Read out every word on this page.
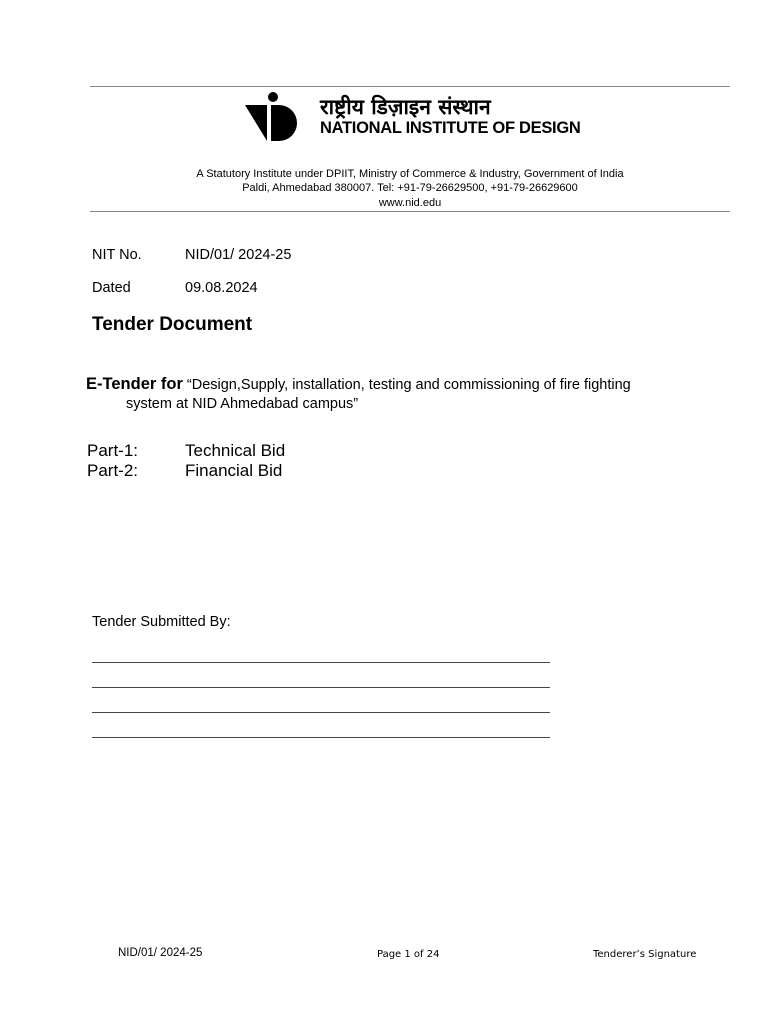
राष्ट्रीय डिज़ाइन संस्थान
NATIONAL INSTITUTE OF DESIGN
A Statutory Institute under DPIIT, Ministry of Commerce & Industry, Government of India
Paldi, Ahmedabad 380007. Tel: +91-79-26629500, +91-79-26629600
www.nid.edu
NIT No.	NID/01/ 2024-25
Dated	09.08.2024
Tender Document
E-Tender for “Design,Supply, installation, testing and commissioning of fire fighting
system at NID Ahmedabad campus”
Part-1:	Technical Bid
Part-2:	Financial Bid
Tender Submitted By:
NID/01/ 2024-25	Page 1 of 24	Tenderer’s Signature
